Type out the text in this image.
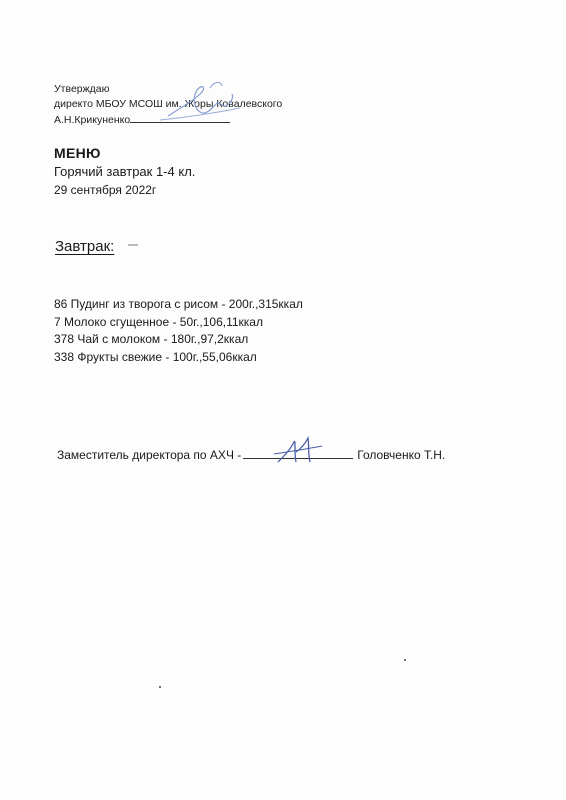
Утверждаю
директо МБОУ МСОШ им. Жоры Ковалевского
А.Н.Крикуненко
МЕНЮ
Горячий завтрак 1-4 кл.
29 сентября 2022г
Завтрак:
86 Пудинг из творога с рисом - 200г.,315ккал
7 Молоко сгущенное - 50г.,106,11ккал
378 Чай с молоком - 180г.,97,2ккал
338 Фрукты свежие - 100г.,55,06ккал
Заместитель директора по АХЧ -	Головченко Т.Н.
